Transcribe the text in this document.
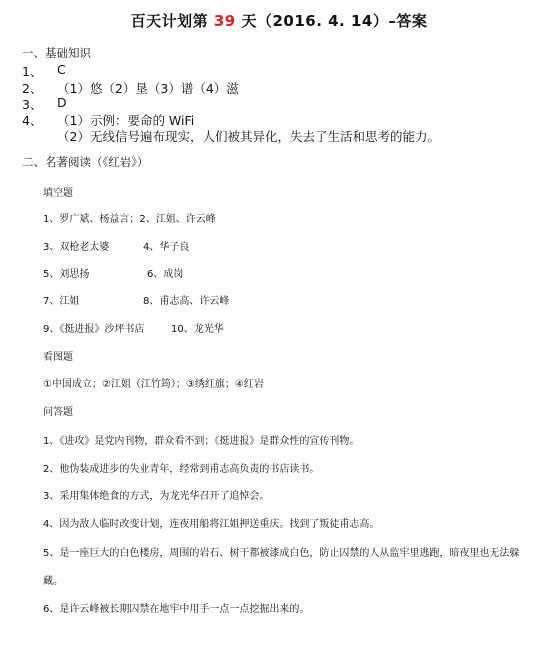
百天计划第 39 天（2016. 4. 14）–答案
一、基础知识
1、 C
2、 （1）悠（2）垦（3）谱（4）滋
3、 D
4、 （1）示例：要命的 WiFi
（2）无线信号遍布现实，人们被其异化，失去了生活和思考的能力。
二、名著阅读（《红岩》）
填空题
1、罗广斌、杨益言；2、江姐、许云峰
3、双枪老太婆	4、华子良
5、刘思扬	6、成岗
7、江姐	8、甫志高、许云峰
9、《挺进报》沙坪书店	10、龙光华
看图题
①中国成立；②江姐（江竹筠）；③绣红旗；④红岩
问答题
1、《进攻》是党内刊物，群众看不到；《挺进报》是群众性的宣传刊物。
2、他伪装成进步的失业青年，经常到甫志高负责的书店读书。
3、采用集体绝食的方式，为龙光华召开了追悼会。
4、因为敌人临时改变计划，连夜用船将江姐押送重庆。找到了叛徒甫志高。
5、是一座巨大的白色楼房，周围的岩石、树干都被漆成白色，防止囚禁的人从监牢里逃跑，暗夜里也无法躲
藏。
6、是许云峰被长期囚禁在地牢中用手一点一点挖掘出来的。
